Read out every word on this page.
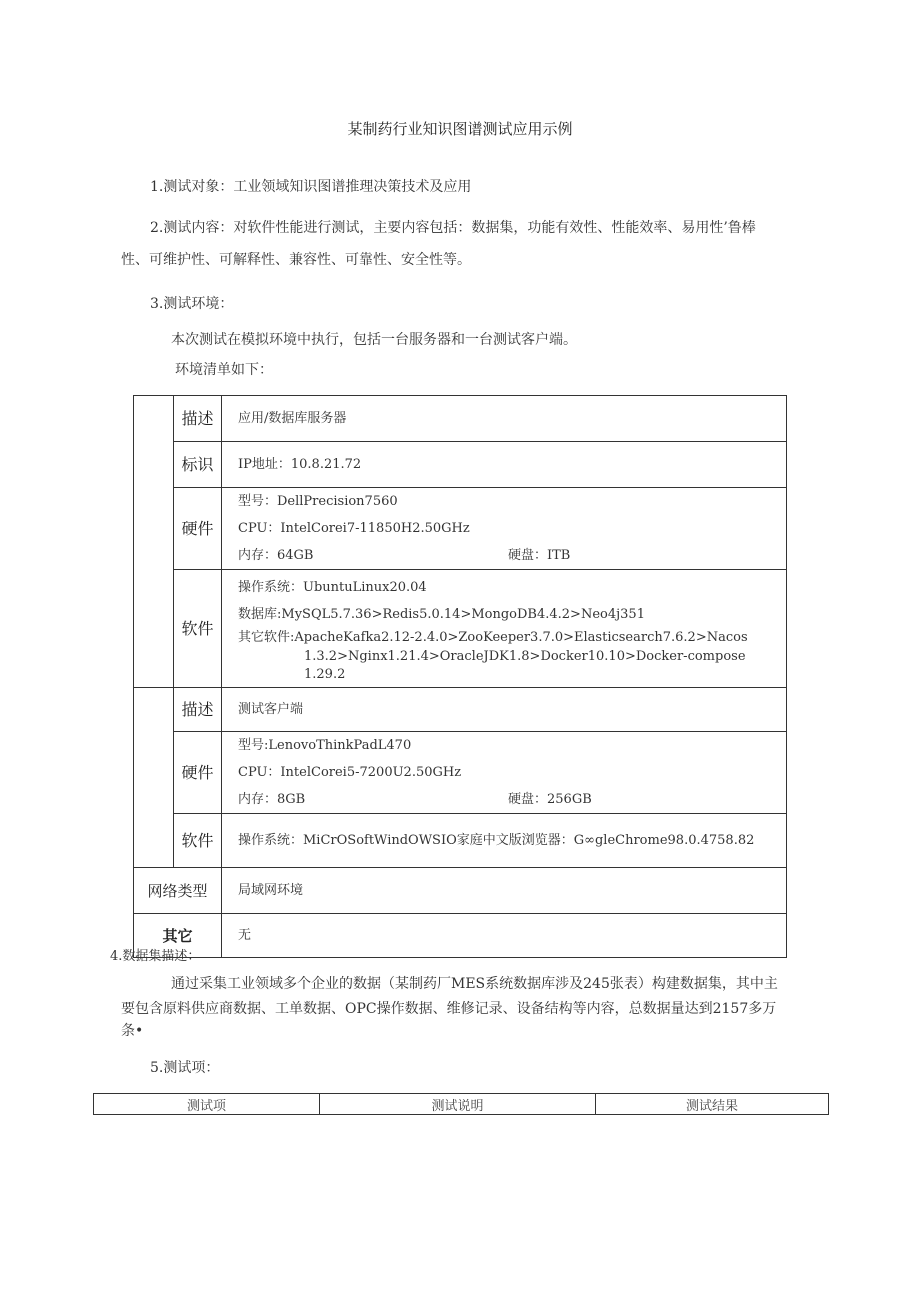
某制药行业知识图谱测试应用示例
1.测试对象：工业领域知识图谱推理决策技术及应用
2.测试内容：对软件性能进行测试，主要内容包括：数据集，功能有效性、性能效率、易用性’鲁棒
性、可维护性、可解释性、兼容性、可靠性、安全性等。
3.测试环境：
本次测试在模拟环境中执行，包括一台服务器和一台测试客户端。
环境清单如下：
	描述	应用/数据库服务器

	标识	IP地址：10.8.21.72

	硬件	型号：DellPrecision7560
CPU：IntelCorei7-11850H2.50GHz
内存：64GB 硬盘：ITB

	软件	操作系统：UbuntuLinux20.04
数据库:MySQL5.7.36>Redis5.0.14>MongoDB4.4.2>Neo4j351
其它软件:ApacheKafka2.12-2.4.0>ZooKeeper3.7.0>Elasticsearch7.6.2>Nacos
1.3.2>Nginx1.21.4>OracleJDK1.8>Docker10.10>Docker-compose
1.29.2

	描述	测试客户端

	硬件	型号:LenovoThinkPadL470
CPU：IntelCorei5-7200U2.50GHz
内存：8GB 硬盘：256GB

	软件	操作系统：MiCrOSoftWindOWSIO家庭中文版浏览器：G∞gleChrome98.0.4758.82

网络类型		局域网环境

其它		无
4.数据集描述：
通过采集工业领域多个企业的数据（某制药厂MES系统数据库涉及245张表）构建数据集，其中主
要包含原料供应商数据、工单数据、OPC操作数据、维修记录、设备结构等内容，总数据量达到2157多万
条•
5.测试项：
测试项	测试说明	测试结果
